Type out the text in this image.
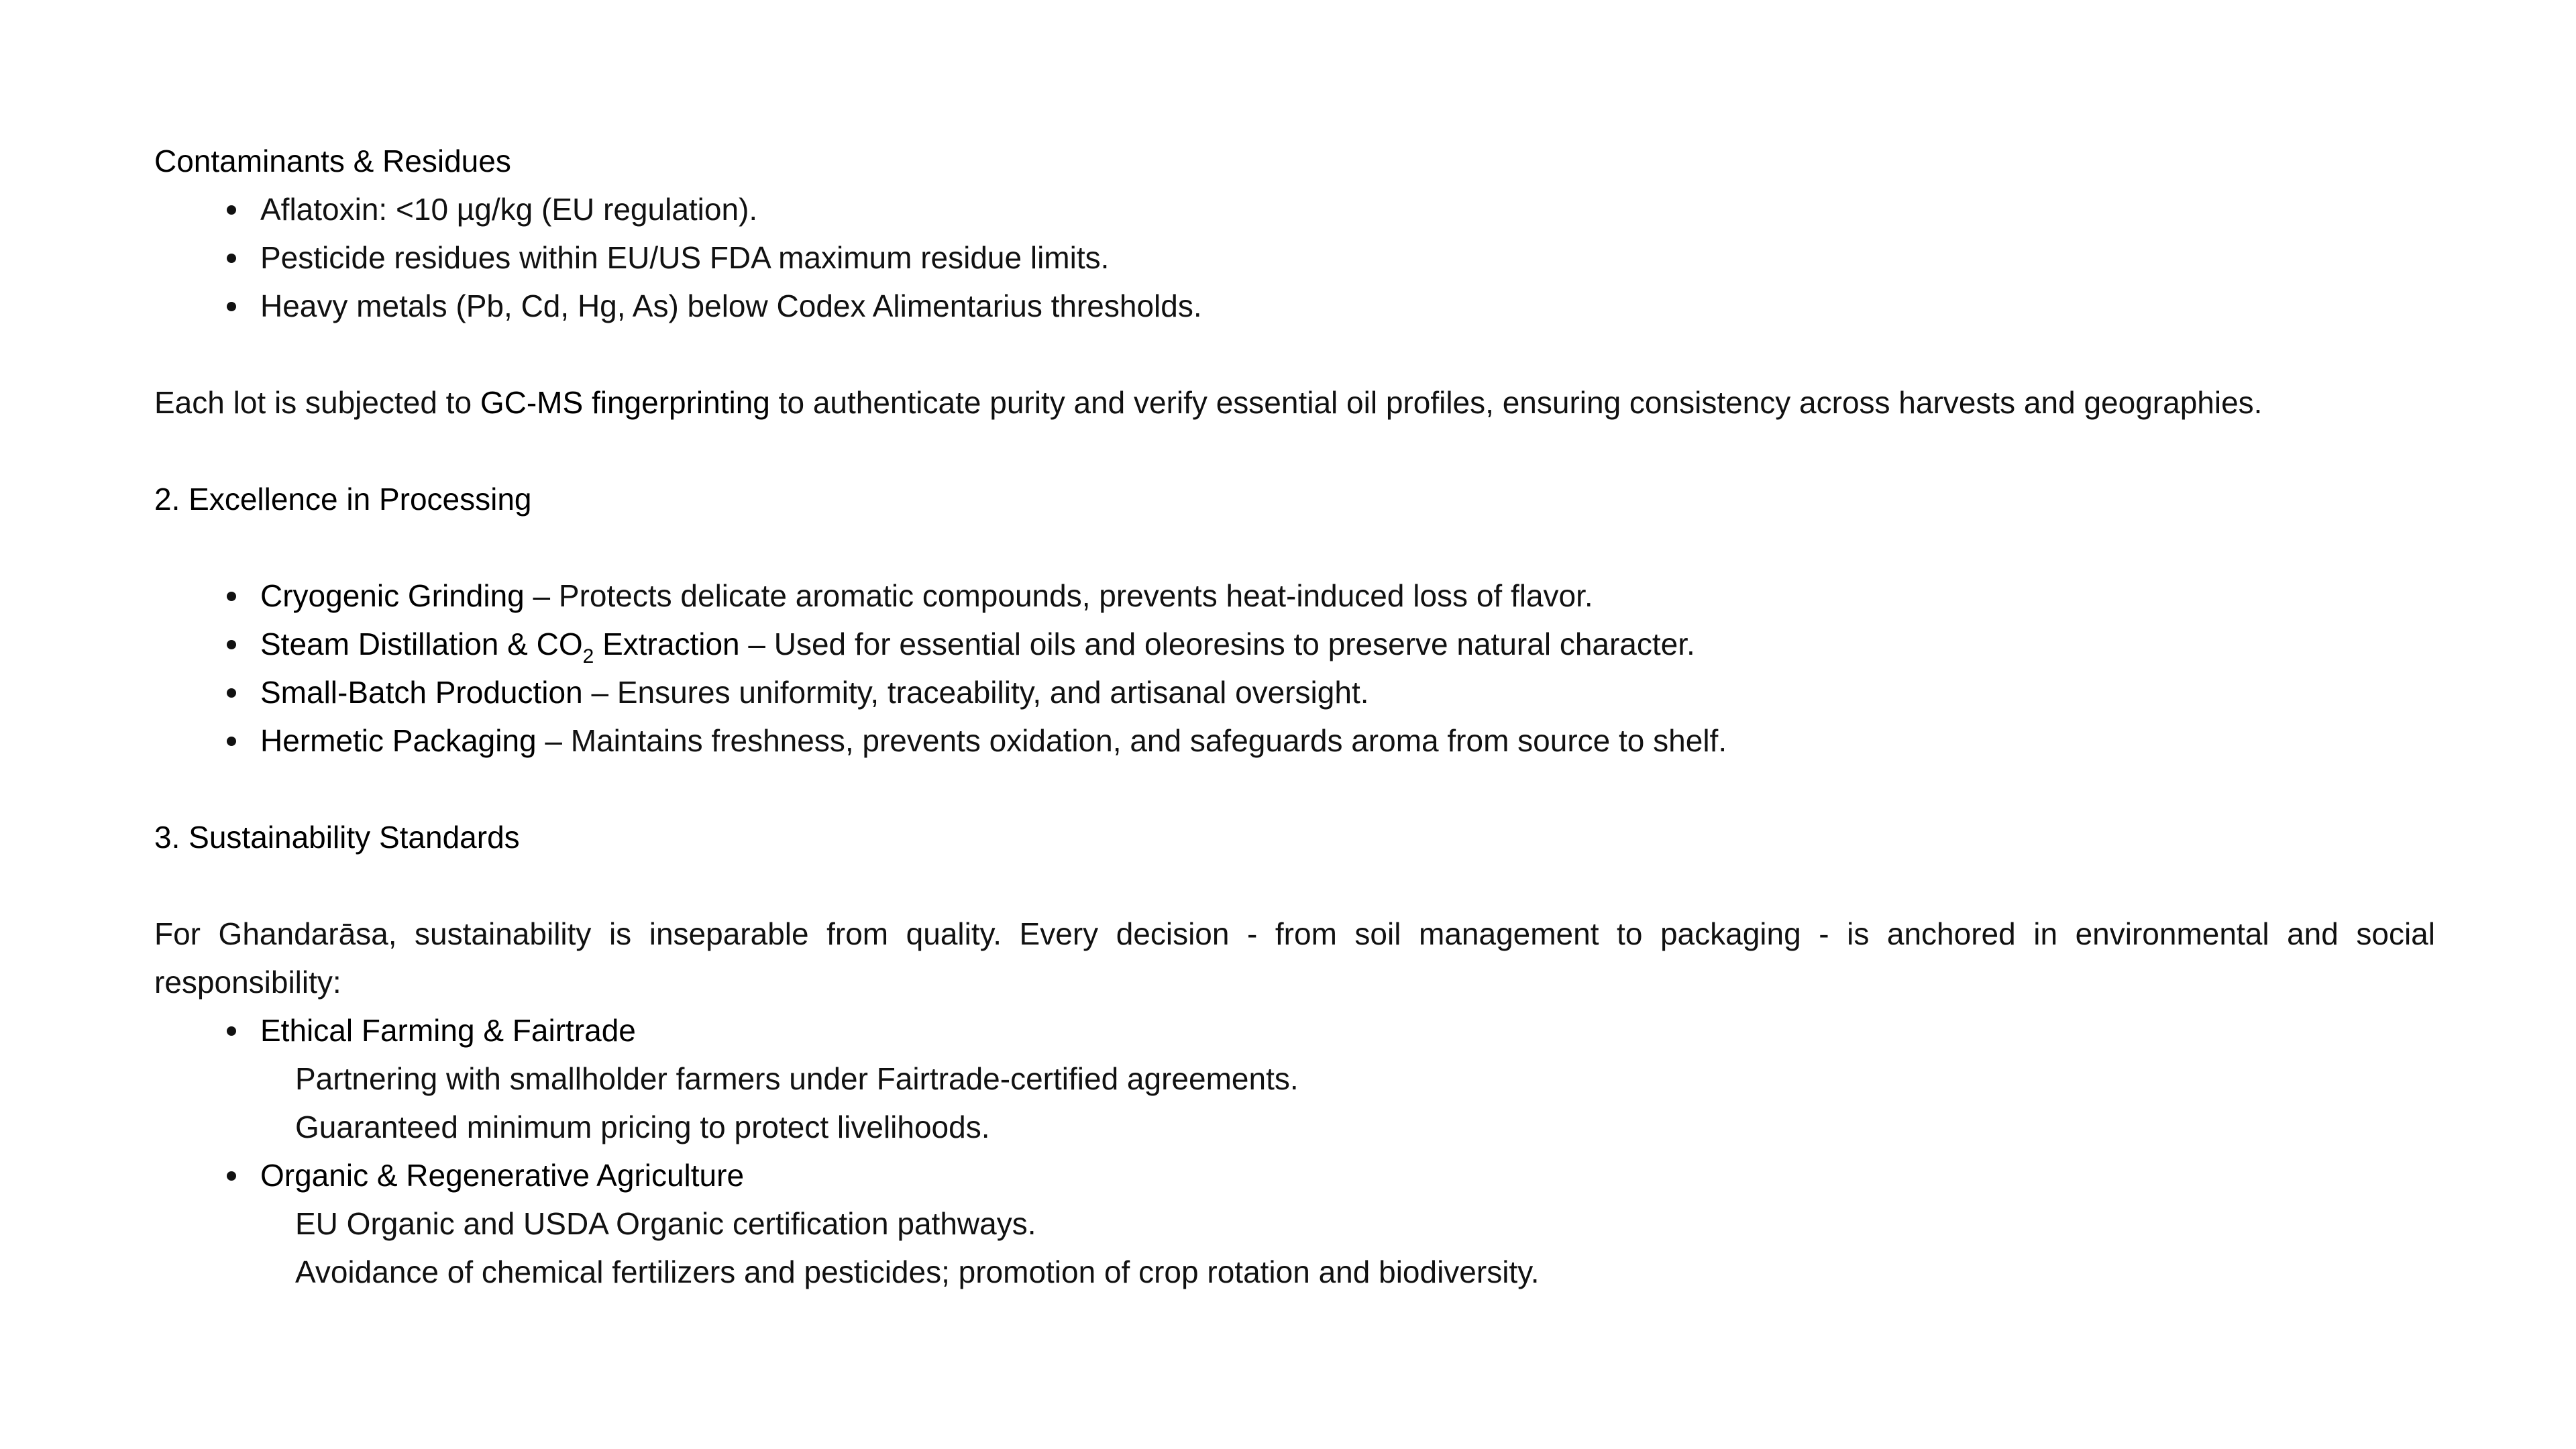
Contaminants & Residues

Aflatoxin: <10 µg/kg (EU regulation).
Pesticide residues within EU/US FDA maximum residue limits.
Heavy metals (Pb, Cd, Hg, As) below Codex Alimentarius thresholds.

Each lot is subjected to GC-MS fingerprinting to authenticate purity and verify essential oil profiles, ensuring consistency across harvests and geographies.

2. Excellence in Processing

Cryogenic Grinding – Protects delicate aromatic compounds, prevents heat-induced loss of flavor.
Steam Distillation & $CO_2$ Extraction – Used for essential oils and oleoresins to preserve natural character.
Small-Batch Production – Ensures uniformity, traceability, and artisanal oversight.
Hermetic Packaging – Maintains freshness, prevents oxidation, and safeguards aroma from source to shelf.

3. Sustainability Standards

For Ghandarāsa, sustainability is inseparable from quality. Every decision - from soil management to packaging - is anchored in environmental and social responsibility:

Ethical Farming & Fairtrade
Partnering with smallholder farmers under Fairtrade-certified agreements.
Guaranteed minimum pricing to protect livelihoods.
Organic & Regenerative Agriculture
EU Organic and USDA Organic certification pathways.
Avoidance of chemical fertilizers and pesticides; promotion of crop rotation and biodiversity.
